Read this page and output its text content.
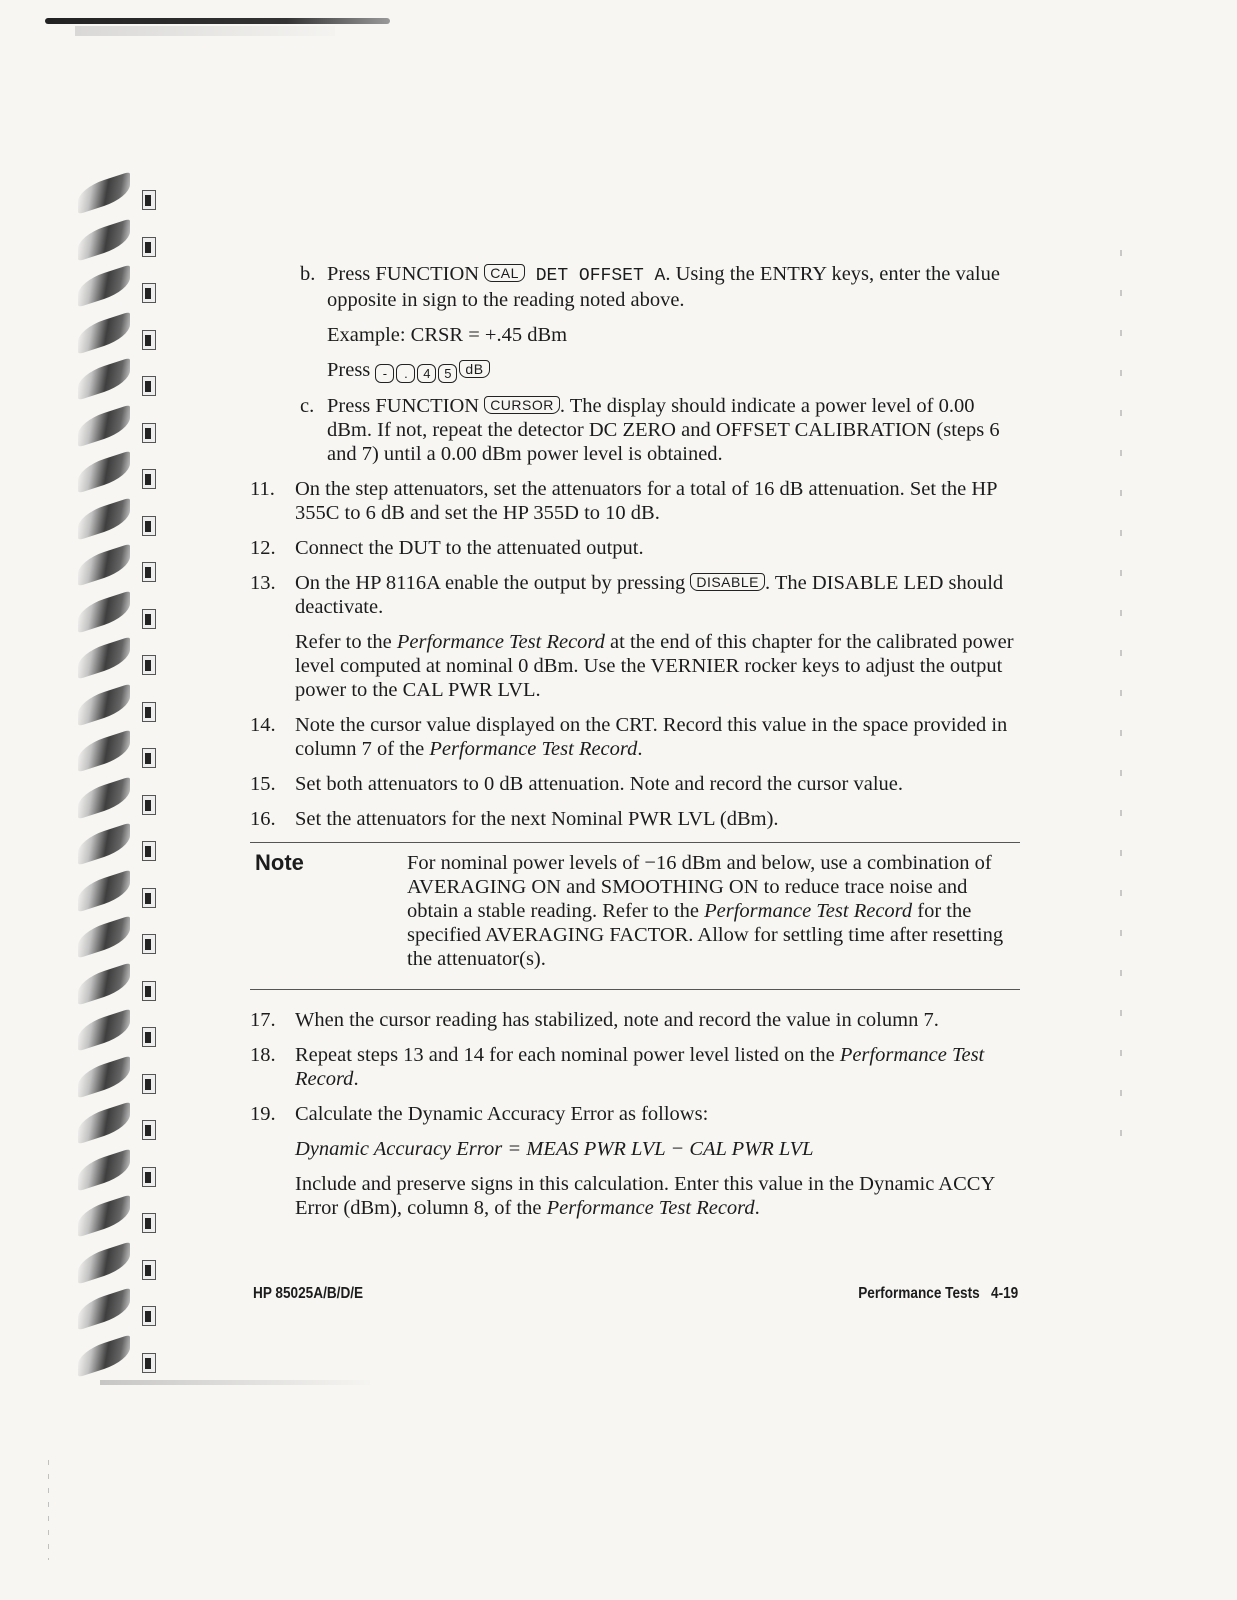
b. Press FUNCTION CAL DET OFFSET A. Using the ENTRY keys, enter the value opposite in sign to the reading noted above.
Example: CRSR = +.45 dBm
Press - . 4 5 dB
c. Press FUNCTION CURSOR . The display should indicate a power level of 0.00 dBm. If not, repeat the detector DC ZERO and OFFSET CALIBRATION (steps 6 and 7) until a 0.00 dBm power level is obtained.
11. On the step attenuators, set the attenuators for a total of 16 dB attenuation. Set the HP 355C to 6 dB and set the HP 355D to 10 dB.
12. Connect the DUT to the attenuated output.
13. On the HP 8116A enable the output by pressing DISABLE . The DISABLE LED should deactivate.
Refer to the Performance Test Record at the end of this chapter for the calibrated power level computed at nominal 0 dBm. Use the VERNIER rocker keys to adjust the output power to the CAL PWR LVL.
14. Note the cursor value displayed on the CRT. Record this value in the space provided in column 7 of the Performance Test Record.
15. Set both attenuators to 0 dB attenuation. Note and record the cursor value.
16. Set the attenuators for the next Nominal PWR LVL (dBm).
Note	For nominal power levels of −16 dBm and below, use a combination of AVERAGING ON and SMOOTHING ON to reduce trace noise and obtain a stable reading. Refer to the Performance Test Record for the specified AVERAGING FACTOR. Allow for settling time after resetting the attenuator(s).
17. When the cursor reading has stabilized, note and record the value in column 7.
18. Repeat steps 13 and 14 for each nominal power level listed on the Performance Test Record.
19. Calculate the Dynamic Accuracy Error as follows:
Dynamic Accuracy Error = MEAS PWR LVL − CAL PWR LVL
Include and preserve signs in this calculation. Enter this value in the Dynamic ACCY Error (dBm), column 8, of the Performance Test Record.
HP 85025A/B/D/E	Performance Tests 4-19
